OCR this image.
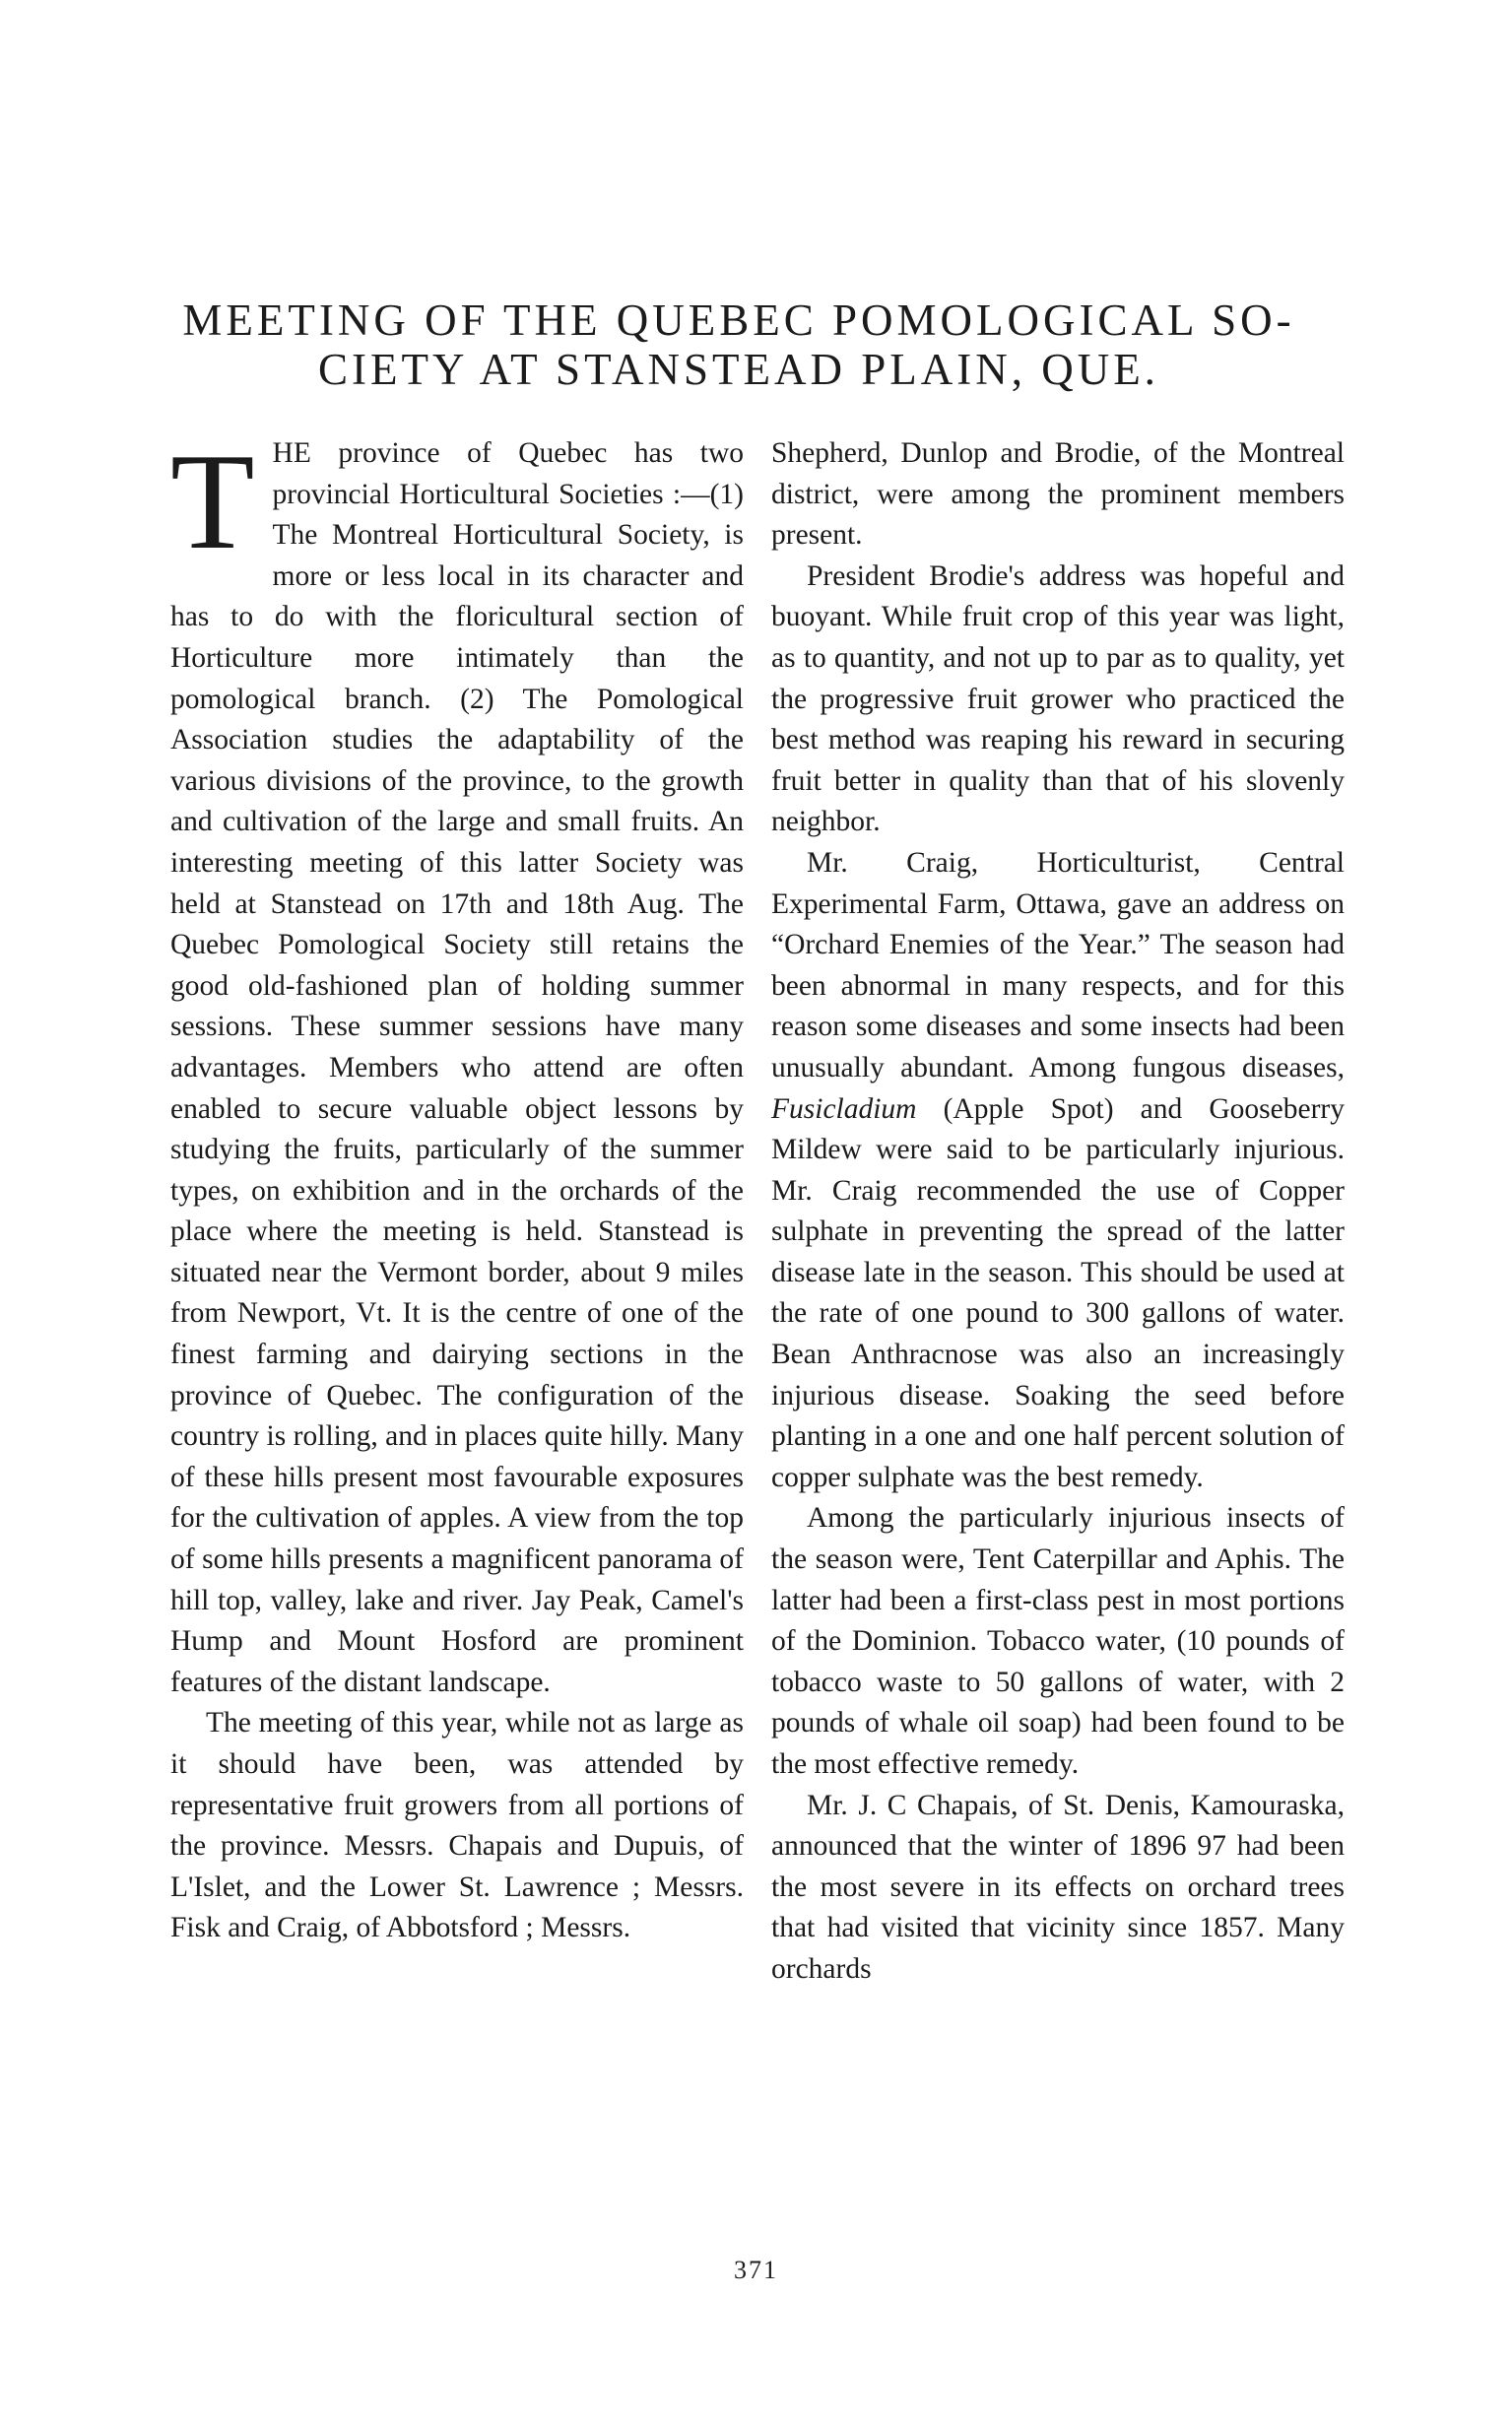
MEETING OF THE QUEBEC POMOLOGICAL SO-
CIETY AT STANSTEAD PLAIN, QUE.

THE province of Quebec has two provincial Horticultural Societies :—(1) The Montreal Horticultural Society, is more or less local in its character and has to do with the floricultural section of Horticulture more intimately than the pomological branch. (2) The Pomological Association studies the adaptability of the various divisions of the province, to the growth and cultivation of the large and small fruits. An interesting meeting of this latter Society was held at Stanstead on 17th and 18th Aug. The Quebec Pomological Society still retains the good old-fashioned plan of holding summer sessions. These summer sessions have many advantages. Members who attend are often enabled to secure valuable object lessons by studying the fruits, particularly of the summer types, on exhibition and in the orchards of the place where the meeting is held. Stanstead is situated near the Vermont border, about 9 miles from Newport, Vt. It is the centre of one of the finest farming and dairying sections in the province of Quebec. The configuration of the country is rolling, and in places quite hilly. Many of these hills present most favourable exposures for the cultivation of apples. A view from the top of some hills presents a magnificent panorama of hill top, valley, lake and river. Jay Peak, Camel's Hump and Mount Hosford are prominent features of the distant landscape.

The meeting of this year, while not as large as it should have been, was attended by representative fruit growers from all portions of the province. Messrs. Chapais and Dupuis, of L'Islet, and the Lower St. Lawrence ; Messrs. Fisk and Craig, of Abbotsford ; Messrs.

Shepherd, Dunlop and Brodie, of the Montreal district, were among the prominent members present.

President Brodie's address was hopeful and buoyant. While fruit crop of this year was light, as to quantity, and not up to par as to quality, yet the progressive fruit grower who practiced the best method was reaping his reward in securing fruit better in quality than that of his slovenly neighbor.

Mr. Craig, Horticulturist, Central Experimental Farm, Ottawa, gave an address on “Orchard Enemies of the Year.” The season had been abnormal in many respects, and for this reason some diseases and some insects had been unusually abundant. Among fungous diseases, Fusicladium (Apple Spot) and Gooseberry Mildew were said to be particularly injurious. Mr. Craig recommended the use of Copper sulphate in preventing the spread of the latter disease late in the season. This should be used at the rate of one pound to 300 gallons of water. Bean Anthracnose was also an increasingly injurious disease. Soaking the seed before planting in a one and one half percent solution of copper sulphate was the best remedy.

Among the particularly injurious insects of the season were, Tent Caterpillar and Aphis. The latter had been a first-class pest in most portions of the Dominion. Tobacco water, (10 pounds of tobacco waste to 50 gallons of water, with 2 pounds of whale oil soap) had been found to be the most effective remedy.

Mr. J. C Chapais, of St. Denis, Kamouraska, announced that the winter of 1896 97 had been the most severe in its effects on orchard trees that had visited that vicinity since 1857. Many orchards

371
